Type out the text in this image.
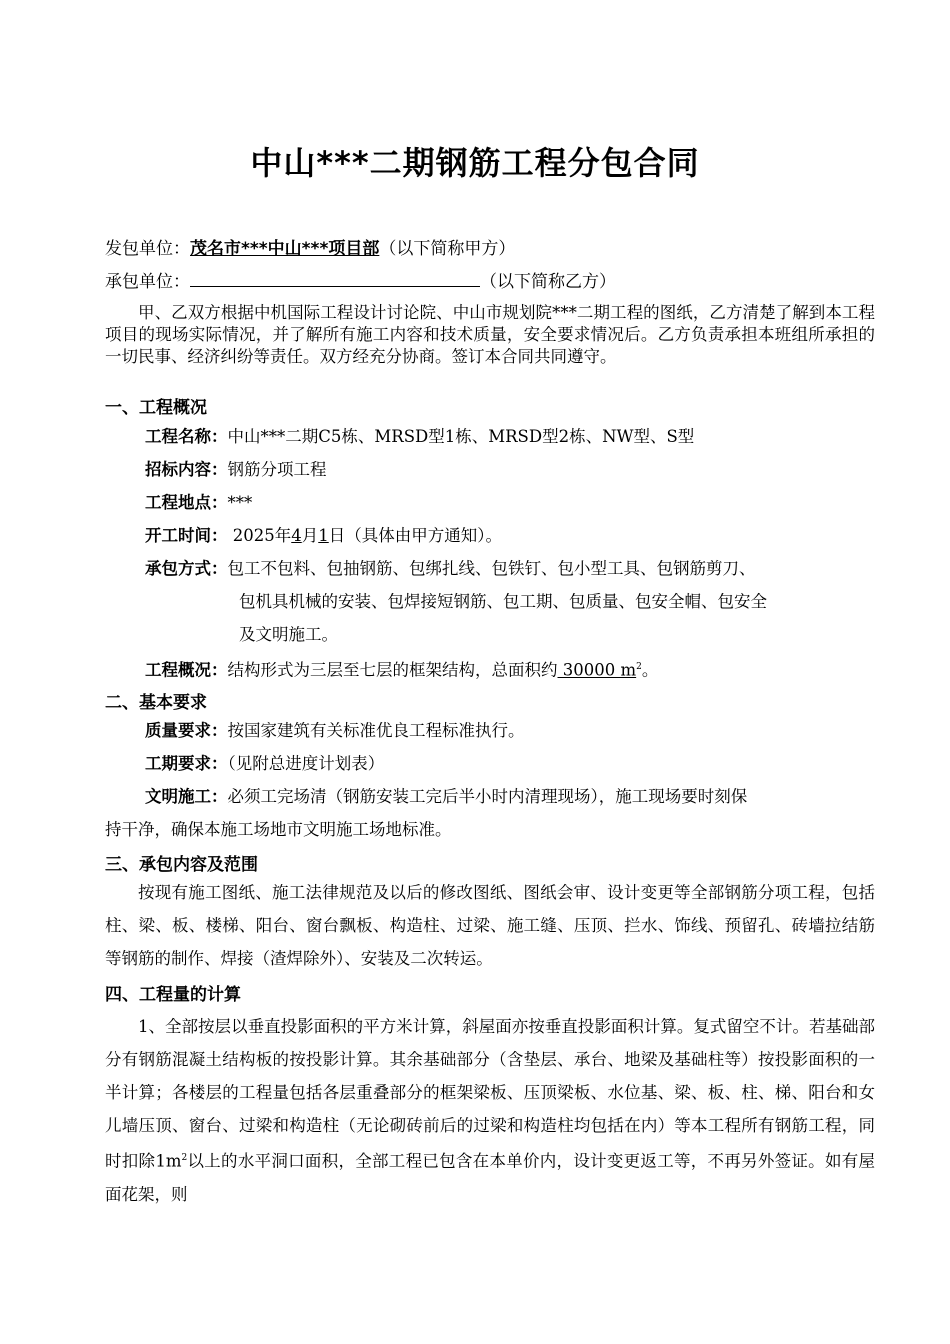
中山***二期钢筋工程分包合同
发包单位：茂名市***中山***项目部（以下简称甲方）
承包单位：	（以下简称乙方）
甲、乙双方根据中机国际工程设计讨论院、中山市规划院***二期工程的图纸，乙方清楚了解到本工程项目的现场实际情况，并了解所有施工内容和技术质量，安全要求情况后。乙方负责承担本班组所承担的一切民事、经济纠纷等责任。双方经充分协商。签订本合同共同遵守。
一、工程概况
工程名称：中山***二期C5栋、MRSD型1栋、MRSD型2栋、NW型、S型
招标内容：钢筋分项工程
工程地点：***
开工时间： 2025年4月1日（具体由甲方通知）。
承包方式：包工不包料、包抽钢筋、包绑扎线、包铁钉、包小型工具、包钢筋剪刀、
包机具机械的安装、包焊接短钢筋、包工期、包质量、包安全帽、包安全
及文明施工。
工程概况：结构形式为三层至七层的框架结构，总面积约 30000 $m^2$。
二、基本要求
质量要求：按国家建筑有关标准优良工程标准执行。
工期要求：（见附总进度计划表）
文明施工：必须工完场清（钢筋安装工完后半小时内清理现场），施工现场要时刻保
持干净，确保本施工场地市文明施工场地标准。
三、承包内容及范围
按现有施工图纸、施工法律规范及以后的修改图纸、图纸会审、设计变更等全部钢筋分项工程，包括柱、梁、板、楼梯、阳台、窗台飘板、构造柱、过梁、施工缝、压顶、拦水、饰线、预留孔、砖墙拉结筋等钢筋的制作、焊接（渣焊除外）、安装及二次转运。
四、工程量的计算
1、全部按层以垂直投影面积的平方米计算，斜屋面亦按垂直投影面积计算。复式留空不计。若基础部分有钢筋混凝土结构板的按投影计算。其余基础部分（含垫层、承台、地梁及基础柱等）按投影面积的一半计算；各楼层的工程量包括各层重叠部分的框架梁板、压顶梁板、水位基、梁、板、柱、梯、阳台和女儿墙压顶、窗台、过梁和构造柱（无论砌砖前后的过梁和构造柱均包括在内）等本工程所有钢筋工程，同时扣除$1m^2$以上的水平洞口面积，全部工程已包含在本单价内，设计变更返工等，不再另外签证。如有屋面花架，则
